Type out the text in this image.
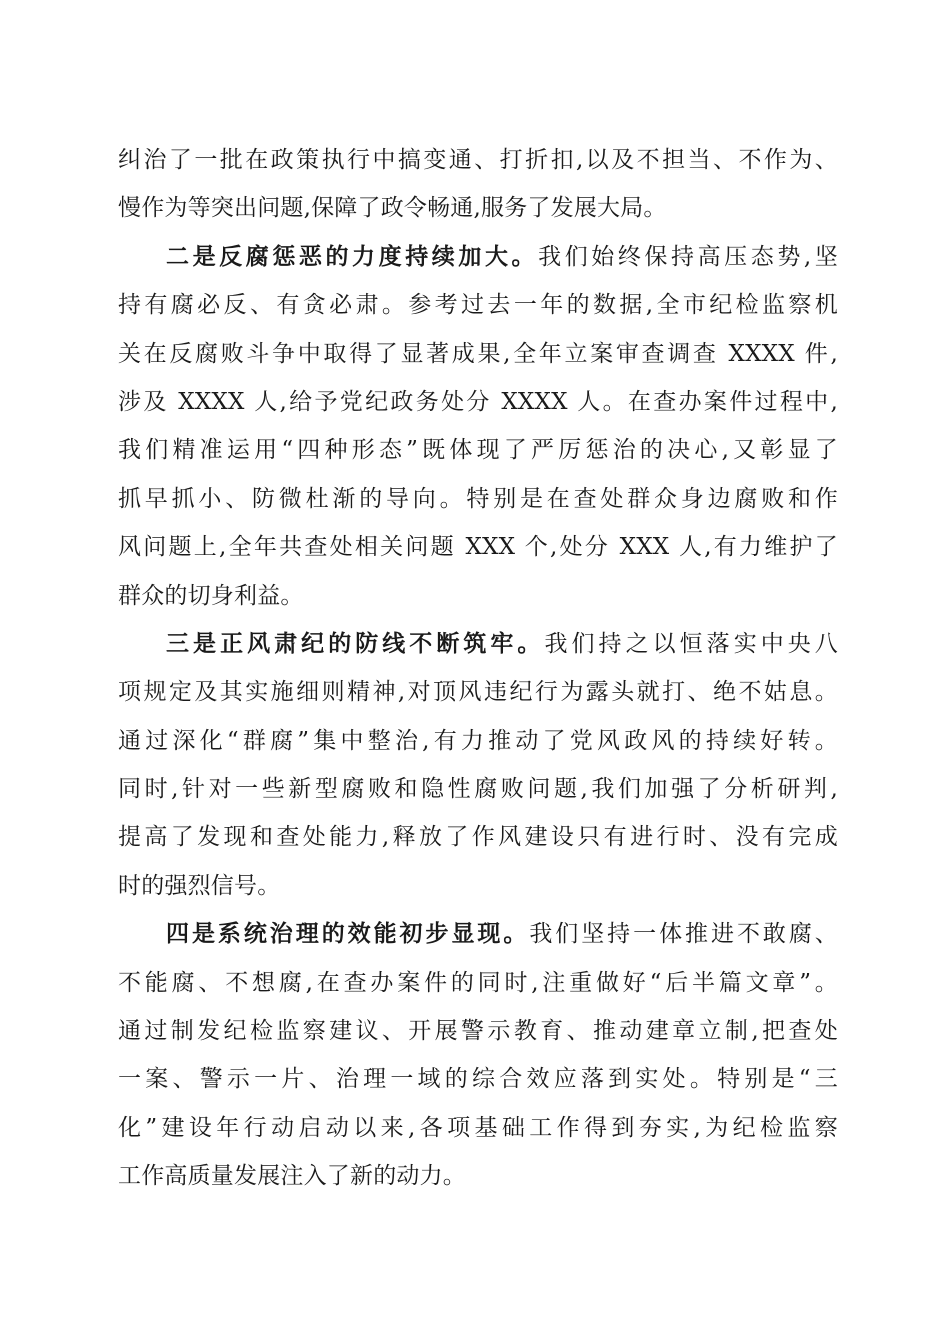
纠治了一批在政策执行中搞变通、打折扣,以及不担当、不作为、
慢作为等突出问题,保障了政令畅通,服务了发展大局。
二是反腐惩恶的力度持续加大。我们始终保持高压态势,坚
持有腐必反、有贪必肃。参考过去一年的数据,全市纪检监察机
关在反腐败斗争中取得了显著成果,全年立案审查调查 XXXX 件,
涉及 XXXX 人,给予党纪政务处分 XXXX 人。在查办案件过程中,
我们精准运用“四种形态”既体现了严厉惩治的决心,又彰显了
抓早抓小、防微杜渐的导向。特别是在查处群众身边腐败和作
风问题上,全年共查处相关问题 XXX 个,处分 XXX 人,有力维护了
群众的切身利益。
三是正风肃纪的防线不断筑牢。我们持之以恒落实中央八
项规定及其实施细则精神,对顶风违纪行为露头就打、绝不姑息。
通过深化“群腐”集中整治,有力推动了党风政风的持续好转。
同时,针对一些新型腐败和隐性腐败问题,我们加强了分析研判,
提高了发现和查处能力,释放了作风建设只有进行时、没有完成
时的强烈信号。
四是系统治理的效能初步显现。我们坚持一体推进不敢腐、
不能腐、不想腐,在查办案件的同时,注重做好“后半篇文章”。
通过制发纪检监察建议、开展警示教育、推动建章立制,把查处
一案、警示一片、治理一域的综合效应落到实处。特别是“三
化”建设年行动启动以来,各项基础工作得到夯实,为纪检监察
工作高质量发展注入了新的动力。
